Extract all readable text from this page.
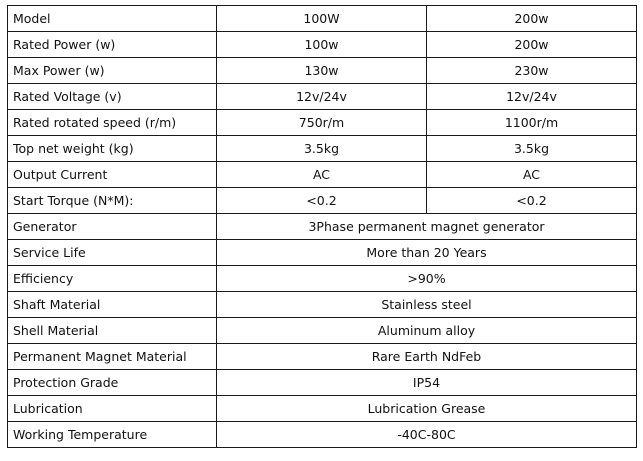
Model	100W	200w
Rated Power (w)	100w	200w
Max Power (w)	130w	230w
Rated Voltage (v)	12v/24v	12v/24v
Rated rotated speed (r/m)	750r/m	1100r/m
Top net weight (kg)	3.5kg	3.5kg
Output Current	AC	AC
Start Torque (N*M):	<0.2	<0.2
Generator	3Phase permanent magnet generator	
Service Life	More than 20 Years	
Efficiency	>90%	
Shaft Material	Stainless steel	
Shell Material	Aluminum alloy	
Permanent Magnet Material	Rare Earth NdFeb	
Protection Grade	IP54	
Lubrication	Lubrication Grease	
Working Temperature	-40C-80C	
